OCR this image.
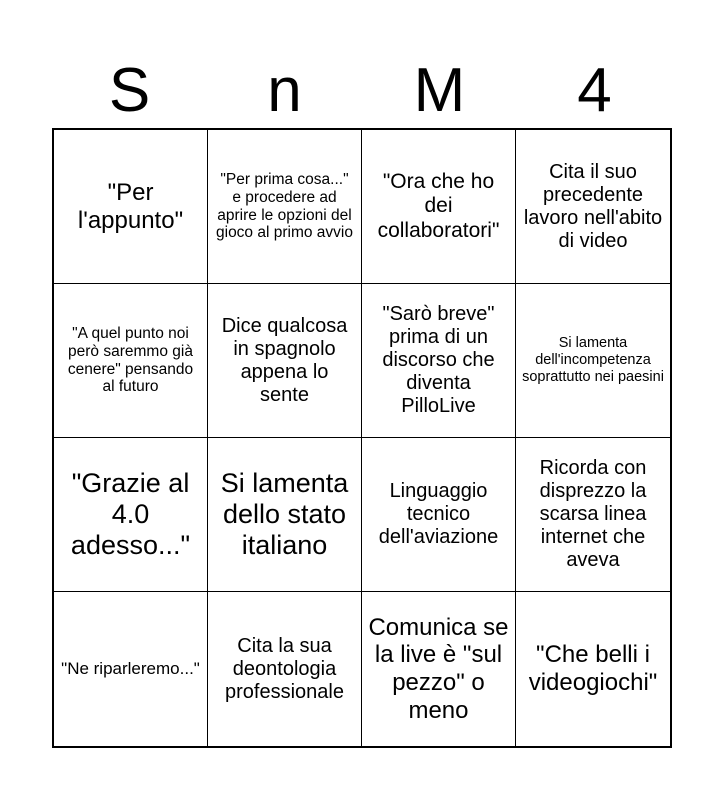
S	n	M	4
"Per l'appunto"
"Per prima cosa..." e procedere ad aprire le opzioni del gioco al primo avvio
"Ora che ho dei collaboratori"
Cita il suo precedente lavoro nell'abito di video
"A quel punto noi però saremmo già cenere" pensando al futuro
Dice qualcosa in spagnolo appena lo sente
"Sarò breve" prima di un discorso che diventa PilloLive
Si lamenta dell'incompetenza soprattutto nei paesini
"Grazie al 4.0 adesso..."
Si lamenta dello stato italiano
Linguaggio tecnico dell'aviazione
Ricorda con disprezzo la scarsa linea internet che aveva
"Ne riparleremo..."
Cita la sua deontologia professionale
Comunica se la live è "sul pezzo" o meno
"Che belli i videogiochi"
